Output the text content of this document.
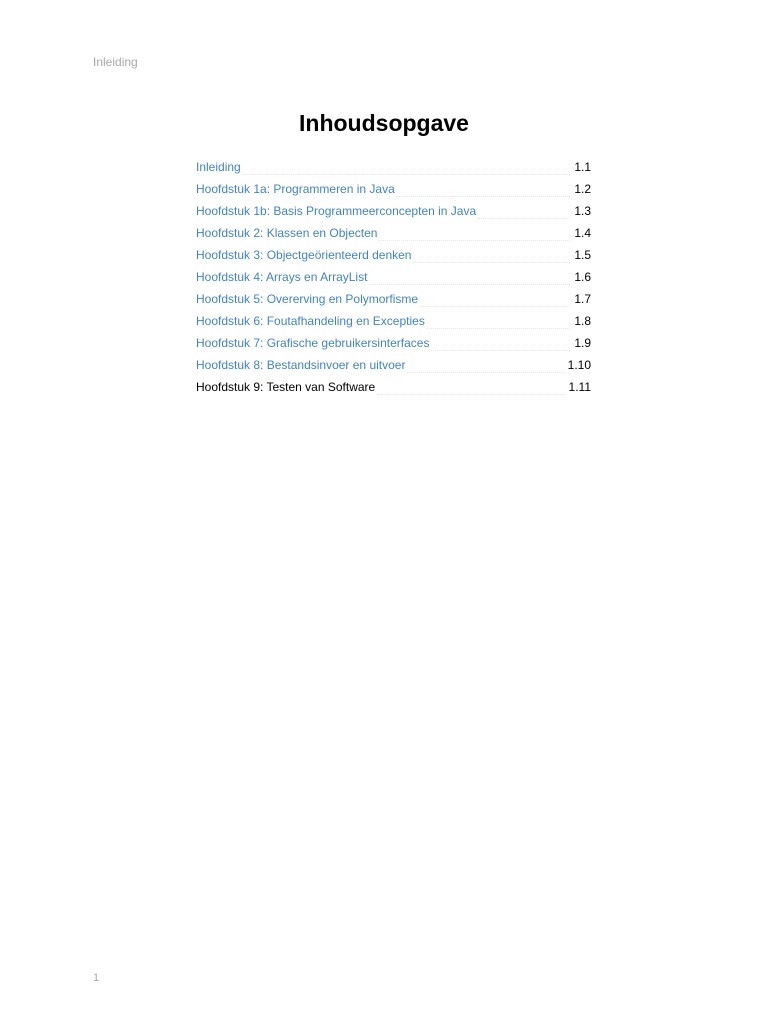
Inleiding
Inhoudsopgave
Inleiding	1.1
Hoofdstuk 1a: Programmeren in Java	1.2
Hoofdstuk 1b: Basis Programmeerconcepten in Java	1.3
Hoofdstuk 2: Klassen en Objecten	1.4
Hoofdstuk 3: Objectgeörienteerd denken	1.5
Hoofdstuk 4: Arrays en ArrayList	1.6
Hoofdstuk 5: Overerving en Polymorfisme	1.7
Hoofdstuk 6: Foutafhandeling en Excepties	1.8
Hoofdstuk 7: Grafische gebruikersinterfaces	1.9
Hoofdstuk 8: Bestandsinvoer en uitvoer	1.10
Hoofdstuk 9: Testen van Software	1.11
1
